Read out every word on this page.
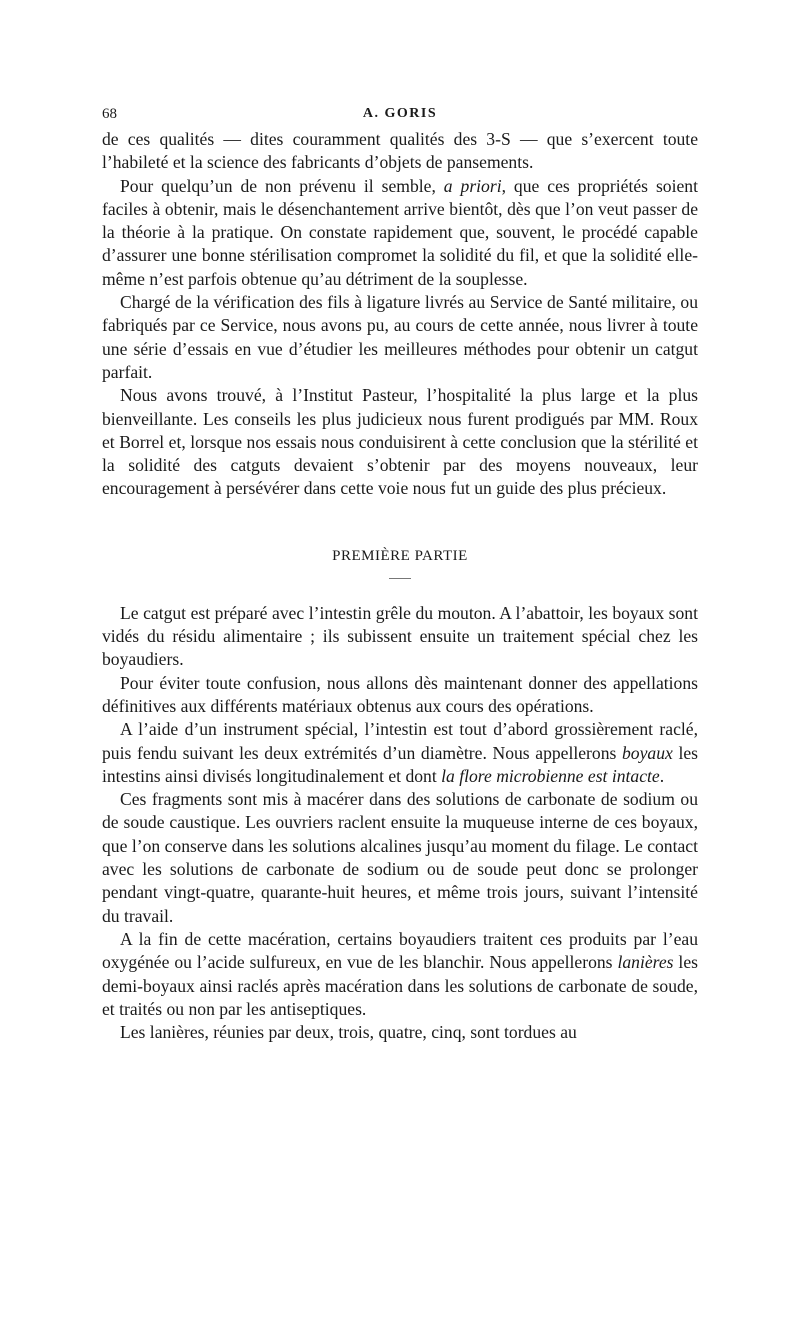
68	A. GORIS

de ces qualités — dites couramment qualités des 3-S — que s’exercent toute l’habileté et la science des fabricants d’objets de pansements.

Pour quelqu’un de non prévenu il semble, a priori, que ces propriétés soient faciles à obtenir, mais le désenchantement arrive bientôt, dès que l’on veut passer de la théorie à la pratique. On constate rapidement que, souvent, le procédé capable d’assurer une bonne stérilisation compromet la solidité du fil, et que la solidité elle-même n’est parfois obtenue qu’au détriment de la souplesse.

Chargé de la vérification des fils à ligature livrés au Service de Santé militaire, ou fabriqués par ce Service, nous avons pu, au cours de cette année, nous livrer à toute une série d’essais en vue d’étudier les meilleures méthodes pour obtenir un catgut parfait.

Nous avons trouvé, à l’Institut Pasteur, l’hospitalité la plus large et la plus bienveillante. Les conseils les plus judicieux nous furent prodigués par MM. Roux et Borrel et, lorsque nos essais nous conduisirent à cette conclusion que la stérilité et la solidité des catguts devaient s’obtenir par des moyens nouveaux, leur encouragement à persévérer dans cette voie nous fut un guide des plus précieux.

PREMIÈRE PARTIE

Le catgut est préparé avec l’intestin grêle du mouton. A l’abattoir, les boyaux sont vidés du résidu alimentaire ; ils subissent ensuite un traitement spécial chez les boyaudiers.

Pour éviter toute confusion, nous allons dès maintenant donner des appellations définitives aux différents matériaux obtenus aux cours des opérations.

A l’aide d’un instrument spécial, l’intestin est tout d’abord grossièrement raclé, puis fendu suivant les deux extrémités d’un diamètre. Nous appellerons boyaux les intestins ainsi divisés longitudinalement et dont la flore microbienne est intacte.

Ces fragments sont mis à macérer dans des solutions de carbonate de sodium ou de soude caustique. Les ouvriers raclent ensuite la muqueuse interne de ces boyaux, que l’on conserve dans les solutions alcalines jusqu’au moment du filage. Le contact avec les solutions de carbonate de sodium ou de soude peut donc se prolonger pendant vingt-quatre, quarante-huit heures, et même trois jours, suivant l’intensité du travail.

A la fin de cette macération, certains boyaudiers traitent ces produits par l’eau oxygénée ou l’acide sulfureux, en vue de les blanchir. Nous appellerons lanières les demi-boyaux ainsi raclés après macération dans les solutions de carbonate de soude, et traités ou non par les antiseptiques.

Les lanières, réunies par deux, trois, quatre, cinq, sont tordues au
